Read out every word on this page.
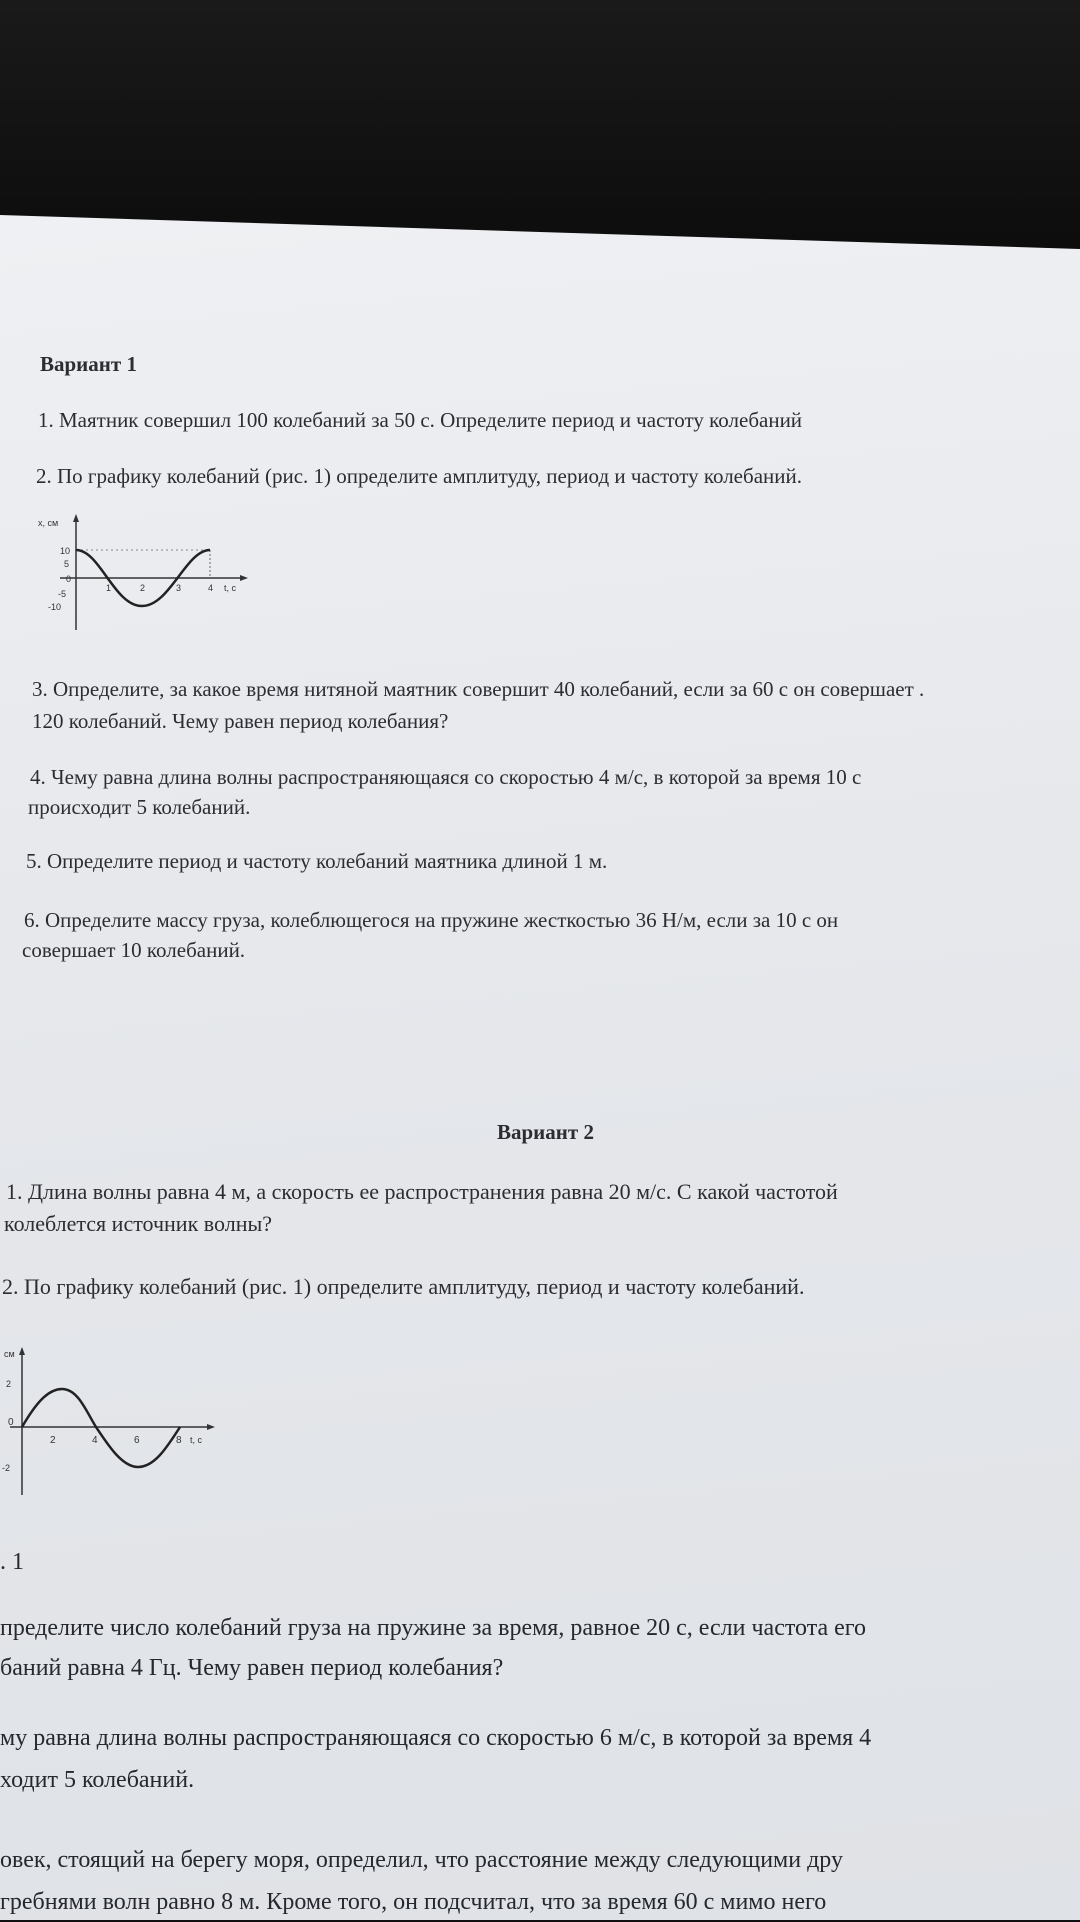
Вариант 1
1. Маятник совершил 100 колебаний за 50 с. Определите период и частоту колебаний
2. По графику колебаний (рис. 1) определите амплитуду, период и частоту колебаний.
x, см
10
5
0
-5
-10
1	2	3	4 t, c
3. Определите, за какое время нитяной маятник совершит 40 колебаний, если за 60 с он совершает .
120 колебаний. Чему равен период колебания?
4. Чему равна длина волны распространяющаяся со скоростью 4 м/с, в которой за время 10 с
происходит 5 колебаний.
5. Определите период и частоту колебаний маятника длиной 1 м.
6. Определите массу груза, колеблющегося на пружине жесткостью 36 Н/м, если за 10 с он
совершает 10 колебаний.
Вариант 2
1. Длина волны равна 4 м, а скорость ее распространения равна 20 м/с. С какой частотой
колеблется источник волны?
2. По графику колебаний (рис. 1) определите амплитуду, период и частоту колебаний.
см
2
0
-2
2	4	6	8 t, c
. 1
пределите число колебаний груза на пружине за время, равное 20 с, если частота его
баний равна 4 Гц. Чему равен период колебания?
му равна длина волны распространяющаяся со скоростью 6 м/с, в которой за время 4
ходит 5 колебаний.
овек, стоящий на берегу моря, определил, что расстояние между следующими дру
гребнями волн равно 8 м. Кроме того, он подсчитал, что за время 60 с мимо него
